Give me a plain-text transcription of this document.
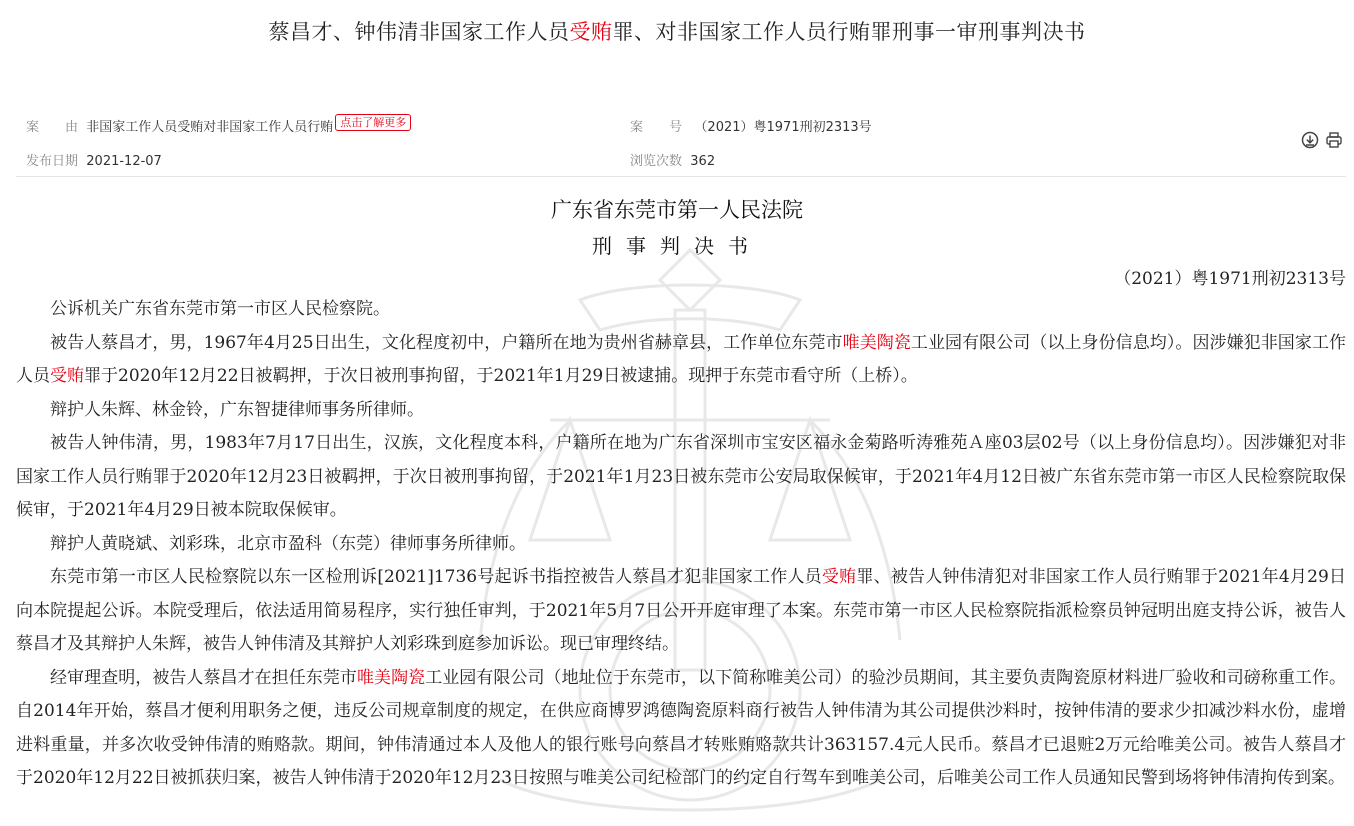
蔡昌才、钟伟清非国家工作人员受贿罪、对非国家工作人员行贿罪刑事一审刑事判决书
案　　由 非国家工作人员受贿对非国家工作人员行贿 点击了解更多	案　　号 （2021）粤1971刑初2313号
发布日期 2021-12-07	浏览次数 362
广东省东莞市第一人民法院
刑事判决书
（2021）粤1971刑初2313号

公诉机关广东省东莞市第一市区人民检察院。

被告人蔡昌才，男，1967年4月25日出生，文化程度初中，户籍所在地为贵州省赫章县，工作单位东莞市唯美陶瓷工业园有限公司（以上身份信息均）。因涉嫌犯非国家工作人员受贿罪于2020年12月22日被羁押，于次日被刑事拘留，于2021年1月29日被逮捕。现押于东莞市看守所（上桥）。

辩护人朱辉、林金铃，广东智捷律师事务所律师。

被告人钟伟清，男，1983年7月17日出生，汉族，文化程度本科，户籍所在地为广东省深圳市宝安区福永金菊路听涛雅苑Ａ座03层02号（以上身份信息均）。因涉嫌犯对非国家工作人员行贿罪于2020年12月23日被羁押，于次日被刑事拘留，于2021年1月23日被东莞市公安局取保候审，于2021年4月12日被广东省东莞市第一市区人民检察院取保候审，于2021年4月29日被本院取保候审。

辩护人黄晓斌、刘彩珠，北京市盈科（东莞）律师事务所律师。

东莞市第一市区人民检察院以东一区检刑诉[2021]1736号起诉书指控被告人蔡昌才犯非国家工作人员受贿罪、被告人钟伟清犯对非国家工作人员行贿罪于2021年4月29日向本院提起公诉。本院受理后，依法适用简易程序，实行独任审判，于2021年5月7日公开开庭审理了本案。东莞市第一市区人民检察院指派检察员钟冠明出庭支持公诉，被告人蔡昌才及其辩护人朱辉，被告人钟伟清及其辩护人刘彩珠到庭参加诉讼。现已审理终结。

经审理查明，被告人蔡昌才在担任东莞市唯美陶瓷工业园有限公司（地址位于东莞市，以下简称唯美公司）的验沙员期间，其主要负责陶瓷原材料进厂验收和司磅称重工作。自2014年开始，蔡昌才便利用职务之便，违反公司规章制度的规定，在供应商博罗鸿德陶瓷原料商行被告人钟伟清为其公司提供沙料时，按钟伟清的要求少扣减沙料水份，虚增进料重量，并多次收受钟伟清的贿赂款。期间，钟伟清通过本人及他人的银行账号向蔡昌才转账贿赂款共计363157.4元人民币。蔡昌才已退赃2万元给唯美公司。被告人蔡昌才于2020年12月22日被抓获归案，被告人钟伟清于2020年12月23日按照与唯美公司纪检部门的约定自行驾车到唯美公司，后唯美公司工作人员通知民警到场将钟伟清拘传到案。
